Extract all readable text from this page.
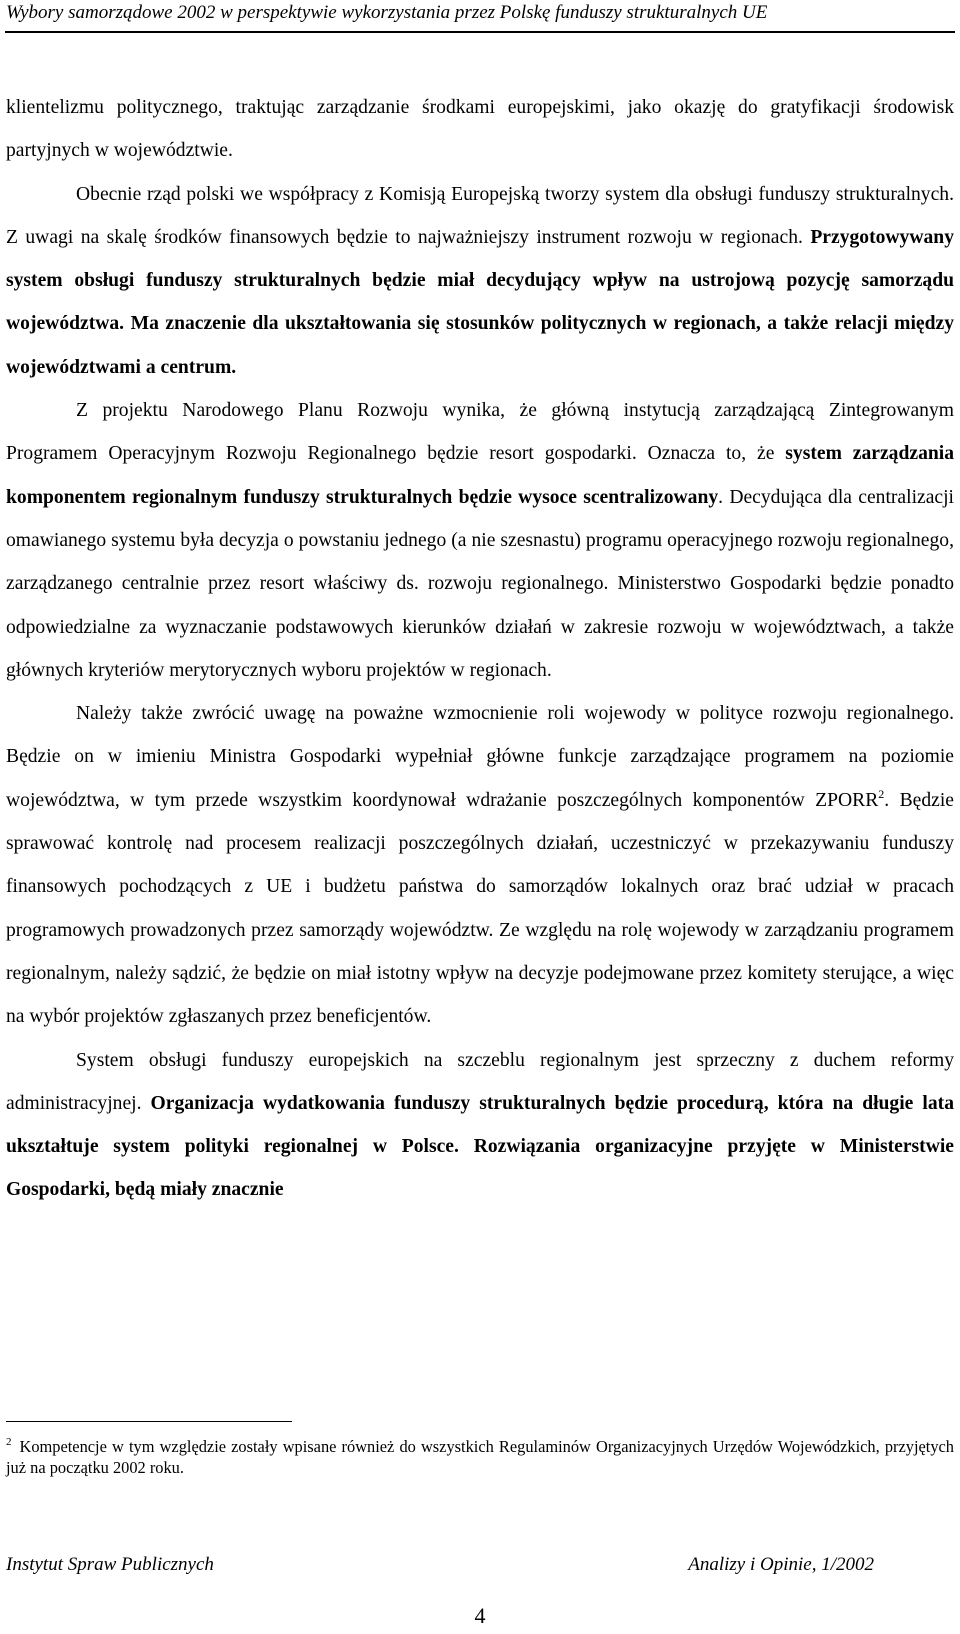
Wybory samorządowe 2002 w perspektywie wykorzystania przez Polskę funduszy strukturalnych UE

klientelizmu politycznego, traktując zarządzanie środkami europejskimi, jako okazję do gratyfikacji środowisk partyjnych w województwie.

Obecnie rząd polski we współpracy z Komisją Europejską tworzy system dla obsługi funduszy strukturalnych. Z uwagi na skalę środków finansowych będzie to najważniejszy instrument rozwoju w regionach. Przygotowywany system obsługi funduszy strukturalnych będzie miał decydujący wpływ na ustrojową pozycję samorządu województwa. Ma znaczenie dla ukształtowania się stosunków politycznych w regionach, a także relacji między województwami a centrum.

Z projektu Narodowego Planu Rozwoju wynika, że główną instytucją zarządzającą Zintegrowanym Programem Operacyjnym Rozwoju Regionalnego będzie resort gospodarki. Oznacza to, że system zarządzania komponentem regionalnym funduszy strukturalnych będzie wysoce scentralizowany. Decydująca dla centralizacji omawianego systemu była decyzja o powstaniu jednego (a nie szesnastu) programu operacyjnego rozwoju regionalnego, zarządzanego centralnie przez resort właściwy ds. rozwoju regionalnego. Ministerstwo Gospodarki będzie ponadto odpowiedzialne za wyznaczanie podstawowych kierunków działań w zakresie rozwoju w województwach, a także głównych kryteriów merytorycznych wyboru projektów w regionach.

Należy także zwrócić uwagę na poważne wzmocnienie roli wojewody w polityce rozwoju regionalnego. Będzie on w imieniu Ministra Gospodarki wypełniał główne funkcje zarządzające programem na poziomie województwa, w tym przede wszystkim koordynował wdrażanie poszczególnych komponentów ZPORR$^2$. Będzie sprawować kontrolę nad procesem realizacji poszczególnych działań, uczestniczyć w przekazywaniu funduszy finansowych pochodzących z UE i budżetu państwa do samorządów lokalnych oraz brać udział w pracach programowych prowadzonych przez samorządy województw. Ze względu na rolę wojewody w zarządzaniu programem regionalnym, należy sądzić, że będzie on miał istotny wpływ na decyzje podejmowane przez komitety sterujące, a więc na wybór projektów zgłaszanych przez beneficjentów.

System obsługi funduszy europejskich na szczeblu regionalnym jest sprzeczny z duchem reformy administracyjnej. Organizacja wydatkowania funduszy strukturalnych będzie procedurą, która na długie lata ukształtuje system polityki regionalnej w Polsce. Rozwiązania organizacyjne przyjęte w Ministerstwie Gospodarki, będą miały znacznie

$^2$ Kompetencje w tym względzie zostały wpisane również do wszystkich Regulaminów Organizacyjnych Urzędów Wojewódzkich, przyjętych już na początku 2002 roku.
Instytut Spraw Publicznych	Analizy i Opinie, 1/2002
4
